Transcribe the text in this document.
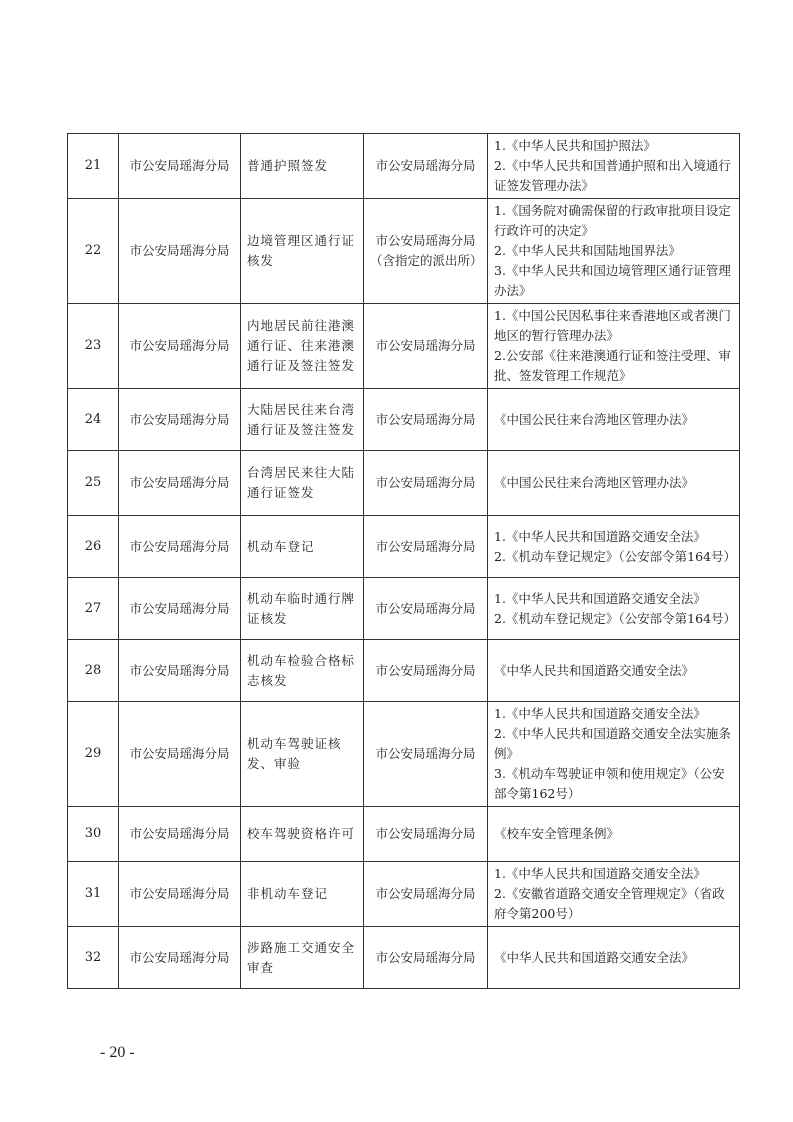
21	市公安局瑶海分局	普通护照签发	市公安局瑶海分局	1.《中华人民共和国护照法》
2.《中华人民共和国普通护照和出入境通行证签发管理办法》

22	市公安局瑶海分局	边境管理区通行证核发	市公安局瑶海分局（含指定的派出所）	1.《国务院对确需保留的行政审批项目设定行政许可的决定》
2.《中华人民共和国陆地国界法》
3.《中华人民共和国边境管理区通行证管理办法》

23	市公安局瑶海分局	内地居民前往港澳通行证、往来港澳通行证及签注签发	市公安局瑶海分局	1.《中国公民因私事往来香港地区或者澳门地区的暂行管理办法》
2.公安部《往来港澳通行证和签注受理、审批、签发管理工作规范》

24	市公安局瑶海分局	大陆居民往来台湾通行证及签注签发	市公安局瑶海分局	《中国公民往来台湾地区管理办法》

25	市公安局瑶海分局	台湾居民来往大陆通行证签发	市公安局瑶海分局	《中国公民往来台湾地区管理办法》

26	市公安局瑶海分局	机动车登记	市公安局瑶海分局	1.《中华人民共和国道路交通安全法》
2.《机动车登记规定》（公安部令第164号）

27	市公安局瑶海分局	机动车临时通行牌证核发	市公安局瑶海分局	1.《中华人民共和国道路交通安全法》
2.《机动车登记规定》（公安部令第164号）

28	市公安局瑶海分局	机动车检验合格标志核发	市公安局瑶海分局	《中华人民共和国道路交通安全法》

29	市公安局瑶海分局	机动车驾驶证核发、审验	市公安局瑶海分局	1.《中华人民共和国道路交通安全法》
2.《中华人民共和国道路交通安全法实施条例》
3.《机动车驾驶证申领和使用规定》（公安部令第162号）

30	市公安局瑶海分局	校车驾驶资格许可	市公安局瑶海分局	《校车安全管理条例》

31	市公安局瑶海分局	非机动车登记	市公安局瑶海分局	1.《中华人民共和国道路交通安全法》
2.《安徽省道路交通安全管理规定》（省政府令第200号）

32	市公安局瑶海分局	涉路施工交通安全审查	市公安局瑶海分局	《中华人民共和国道路交通安全法》
- 20 -
